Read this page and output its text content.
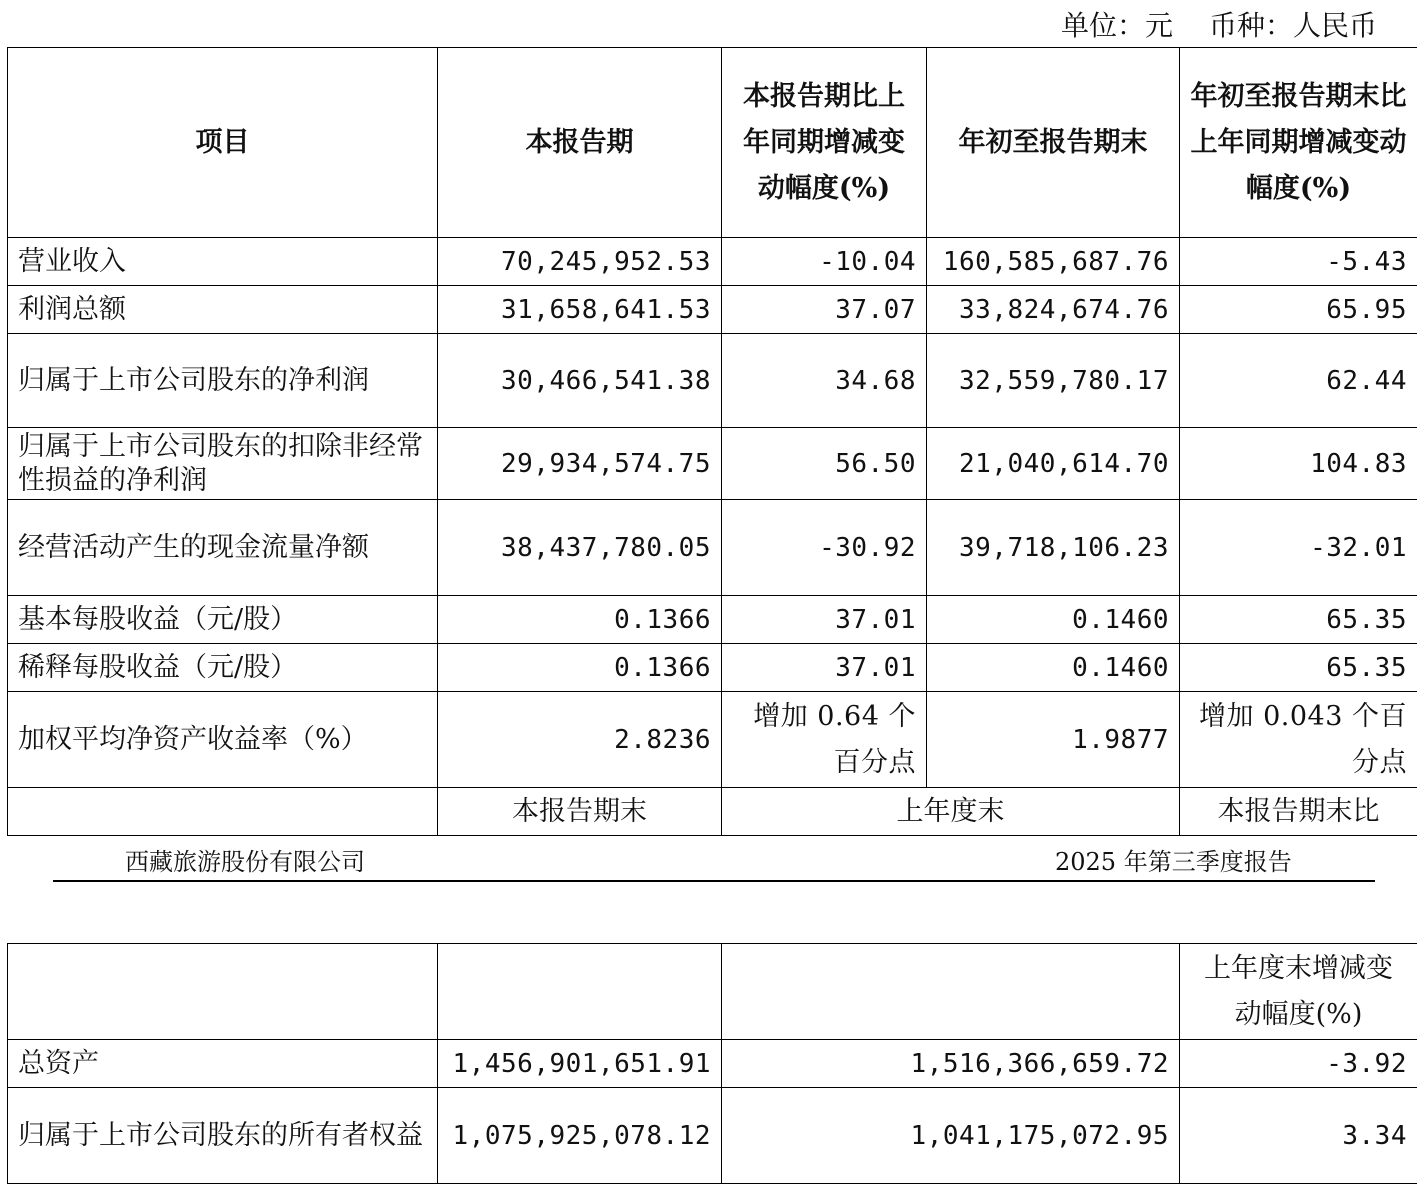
单位：元 币种：人民币
项目	本报告期	本报告期比上年同期增减变动幅度(%)	年初至报告期末	年初至报告期末比上年同期增减变动幅度(%)
营业收入	70,245,952.53	-10.04	160,585,687.76	-5.43
利润总额	31,658,641.53	37.07	33,824,674.76	65.95
归属于上市公司股东的净利润	30,466,541.38	34.68	32,559,780.17	62.44
归属于上市公司股东的扣除非经常性损益的净利润	29,934,574.75	56.50	21,040,614.70	104.83
经营活动产生的现金流量净额	38,437,780.05	-30.92	39,718,106.23	-32.01
基本每股收益（元/股）	0.1366	37.01	0.1460	65.35
稀释每股收益（元/股）	0.1366	37.01	0.1460	65.35
加权平均净资产收益率（%）	2.8236	增加 0.64 个百分点	1.9877	增加 0.043 个百分点
	本报告期末	上年度末		本报告期末比
西藏旅游股份有限公司	2025 年第三季度报告
			上年度末增减变动幅度(%)
总资产	1,456,901,651.91	1,516,366,659.72	-3.92
归属于上市公司股东的所有者权益	1,075,925,078.12	1,041,175,072.95	3.34
